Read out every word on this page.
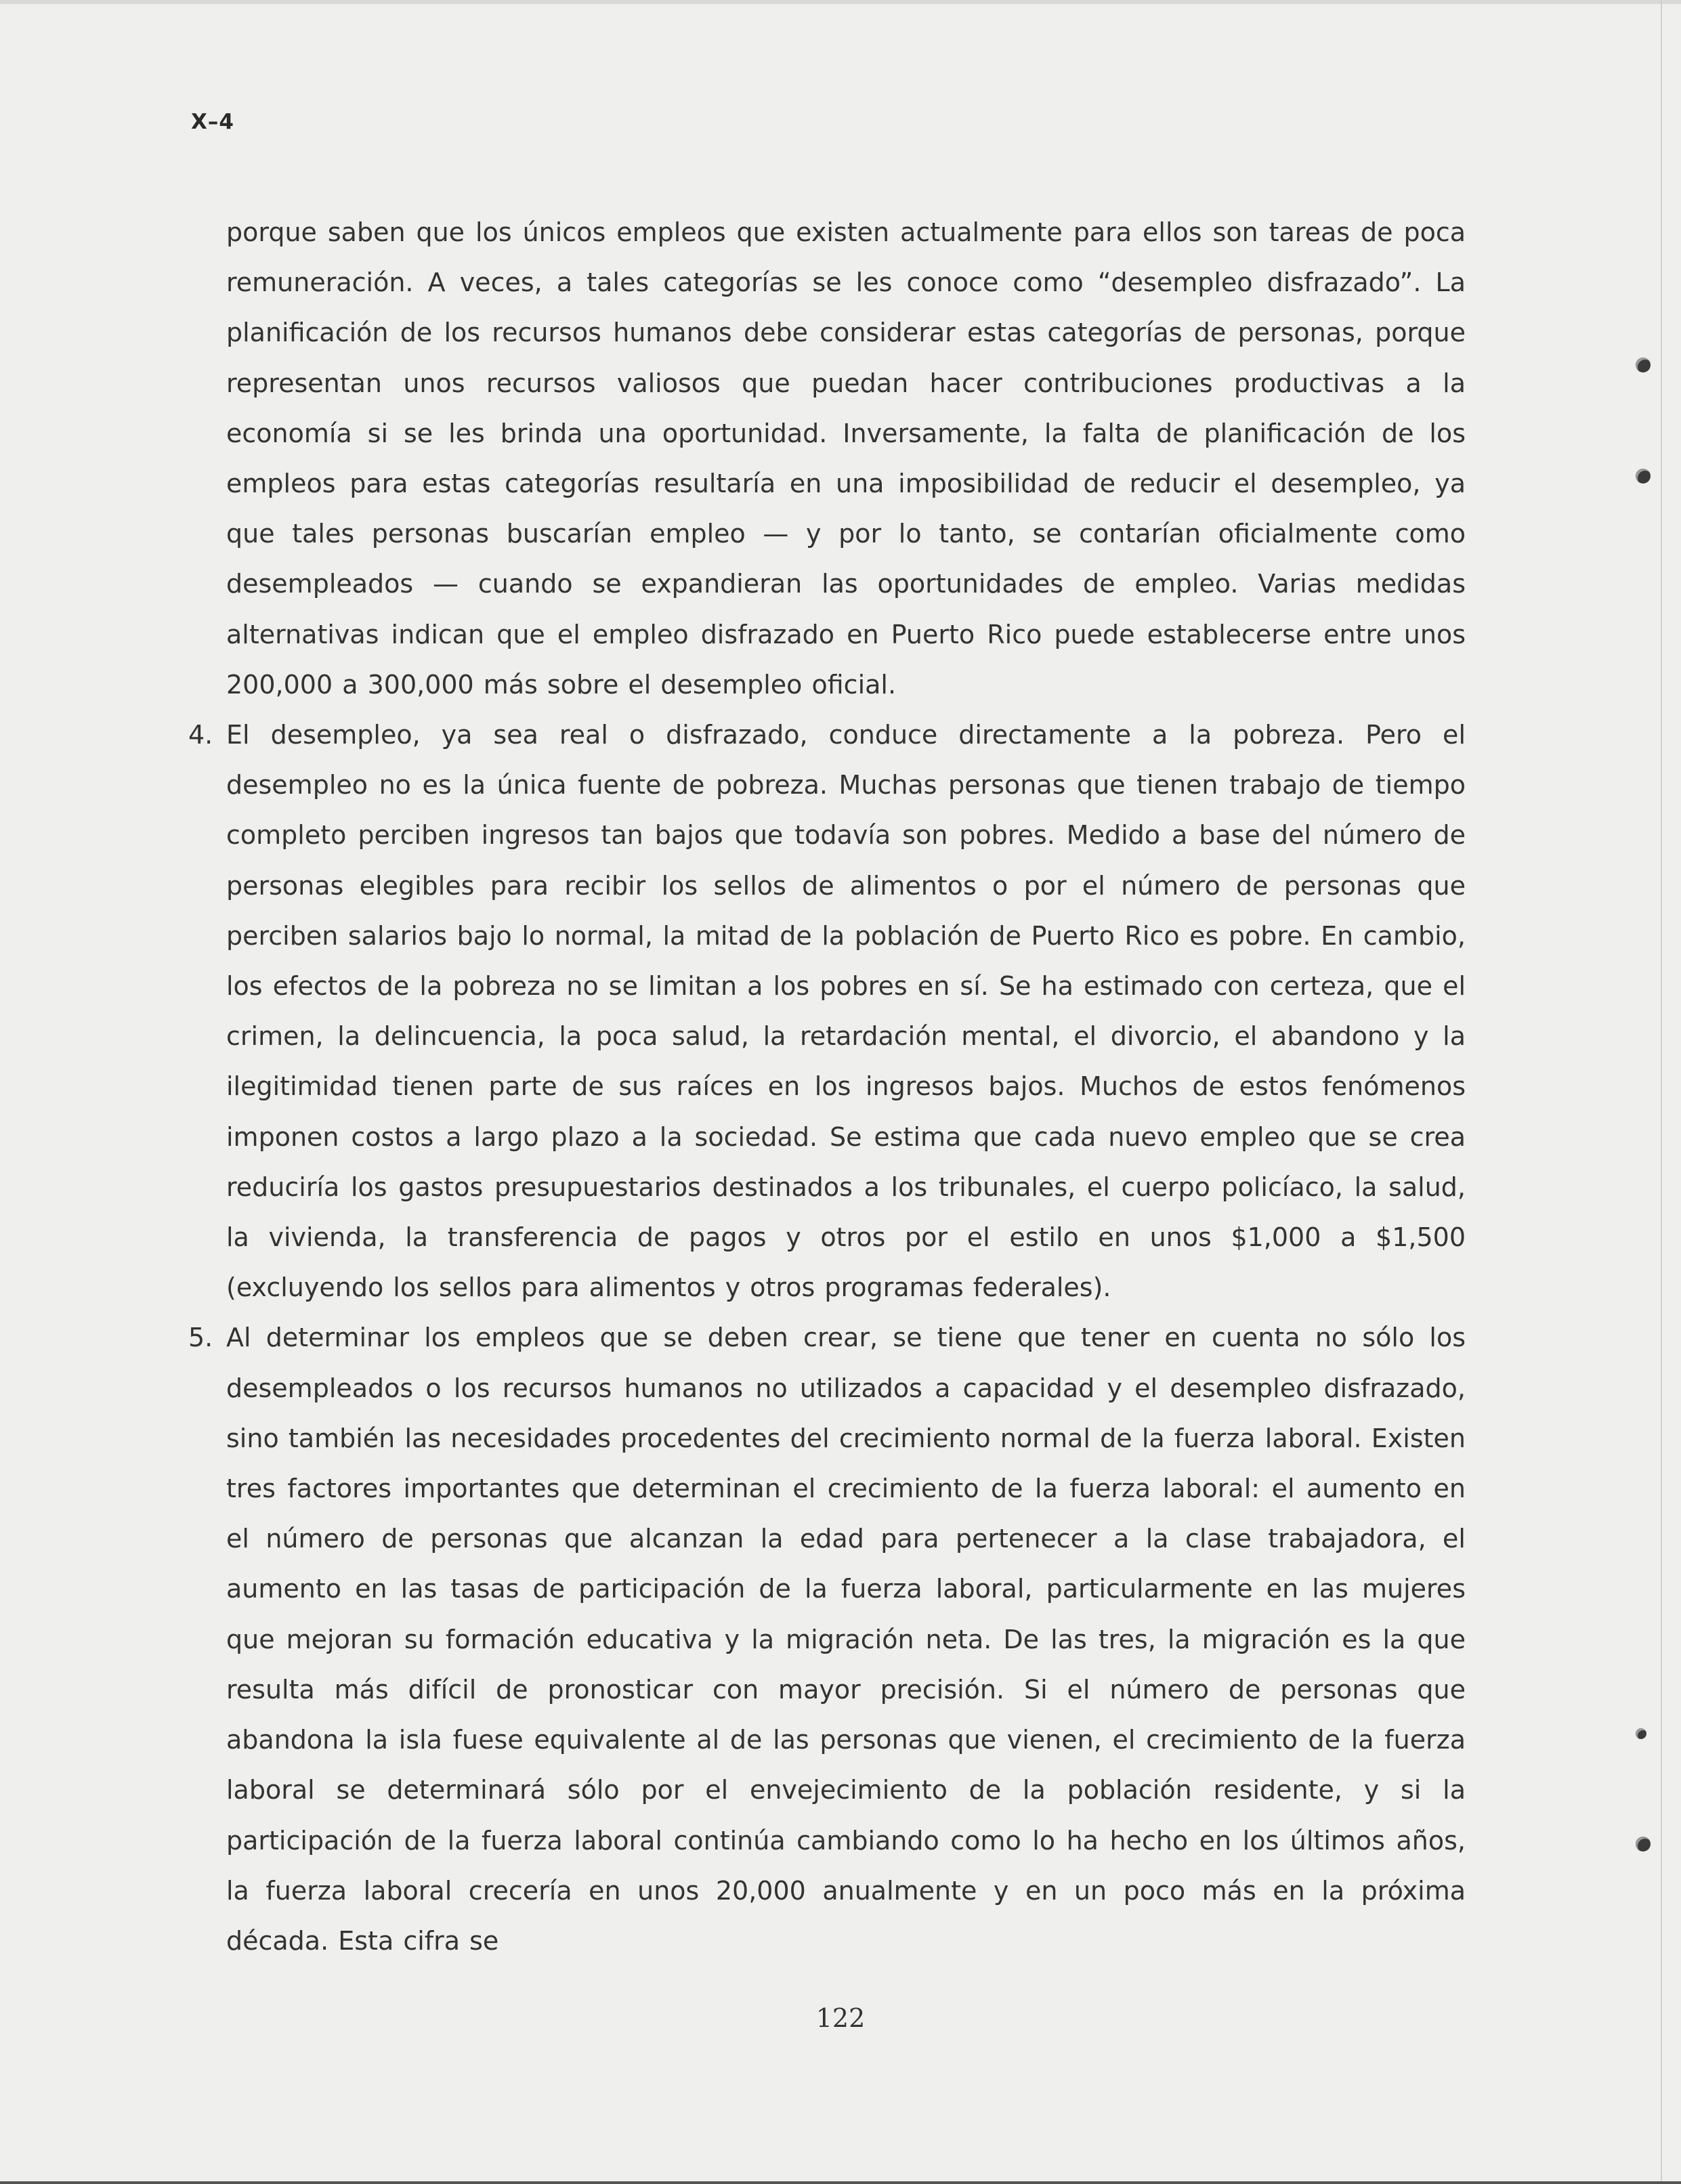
X–4

porque saben que los únicos empleos que existen actualmente para ellos son tareas de poca remuneración. A veces, a tales categorías se les conoce como “desempleo disfrazado”. La planificación de los recursos humanos debe considerar estas categorías de personas, porque representan unos recursos valiosos que puedan hacer contribuciones productivas a la economía si se les brinda una oportunidad. Inversamente, la falta de planificación de los empleos para estas categorías resultaría en una imposibilidad de reducir el desempleo, ya que tales personas buscarían empleo — y por lo tanto, se contarían oficialmente como desempleados — cuando se expandieran las oportunidades de empleo. Varias medidas alternativas indican que el empleo disfrazado en Puerto Rico puede establecerse entre unos 200,000 a 300,000 más sobre el desempleo oficial.

4. El desempleo, ya sea real o disfrazado, conduce directamente a la pobreza. Pero el desempleo no es la única fuente de pobreza. Muchas personas que tienen trabajo de tiempo completo perciben ingresos tan bajos que todavía son pobres. Medido a base del número de personas elegibles para recibir los sellos de alimentos o por el número de personas que perciben salarios bajo lo normal, la mitad de la población de Puerto Rico es pobre. En cambio, los efectos de la pobreza no se limitan a los pobres en sí. Se ha estimado con certeza, que el crimen, la delincuencia, la poca salud, la retardación mental, el divorcio, el abandono y la ilegitimidad tienen parte de sus raíces en los ingresos bajos. Muchos de estos fenómenos imponen costos a largo plazo a la sociedad. Se estima que cada nuevo empleo que se crea reduciría los gastos presupuestarios destinados a los tribunales, el cuerpo policíaco, la salud, la vivienda, la transferencia de pagos y otros por el estilo en unos $1,000 a $1,500 (excluyendo los sellos para alimentos y otros programas federales).

5. Al determinar los empleos que se deben crear, se tiene que tener en cuenta no sólo los desempleados o los recursos humanos no utilizados a capacidad y el desempleo disfrazado, sino también las necesidades procedentes del crecimiento normal de la fuerza laboral. Existen tres factores importantes que determinan el crecimiento de la fuerza laboral: el aumento en el número de personas que alcanzan la edad para pertenecer a la clase trabajadora, el aumento en las tasas de participación de la fuerza laboral, particularmente en las mujeres que mejoran su formación educativa y la migración neta. De las tres, la migración es la que resulta más difícil de pronosticar con mayor precisión. Si el número de personas que abandona la isla fuese equivalente al de las personas que vienen, el crecimiento de la fuerza laboral se determinará sólo por el envejecimiento de la población residente, y si la participación de la fuerza laboral continúa cambiando como lo ha hecho en los últimos años, la fuerza laboral crecería en unos 20,000 anualmente y en un poco más en la próxima década. Esta cifra se

122
